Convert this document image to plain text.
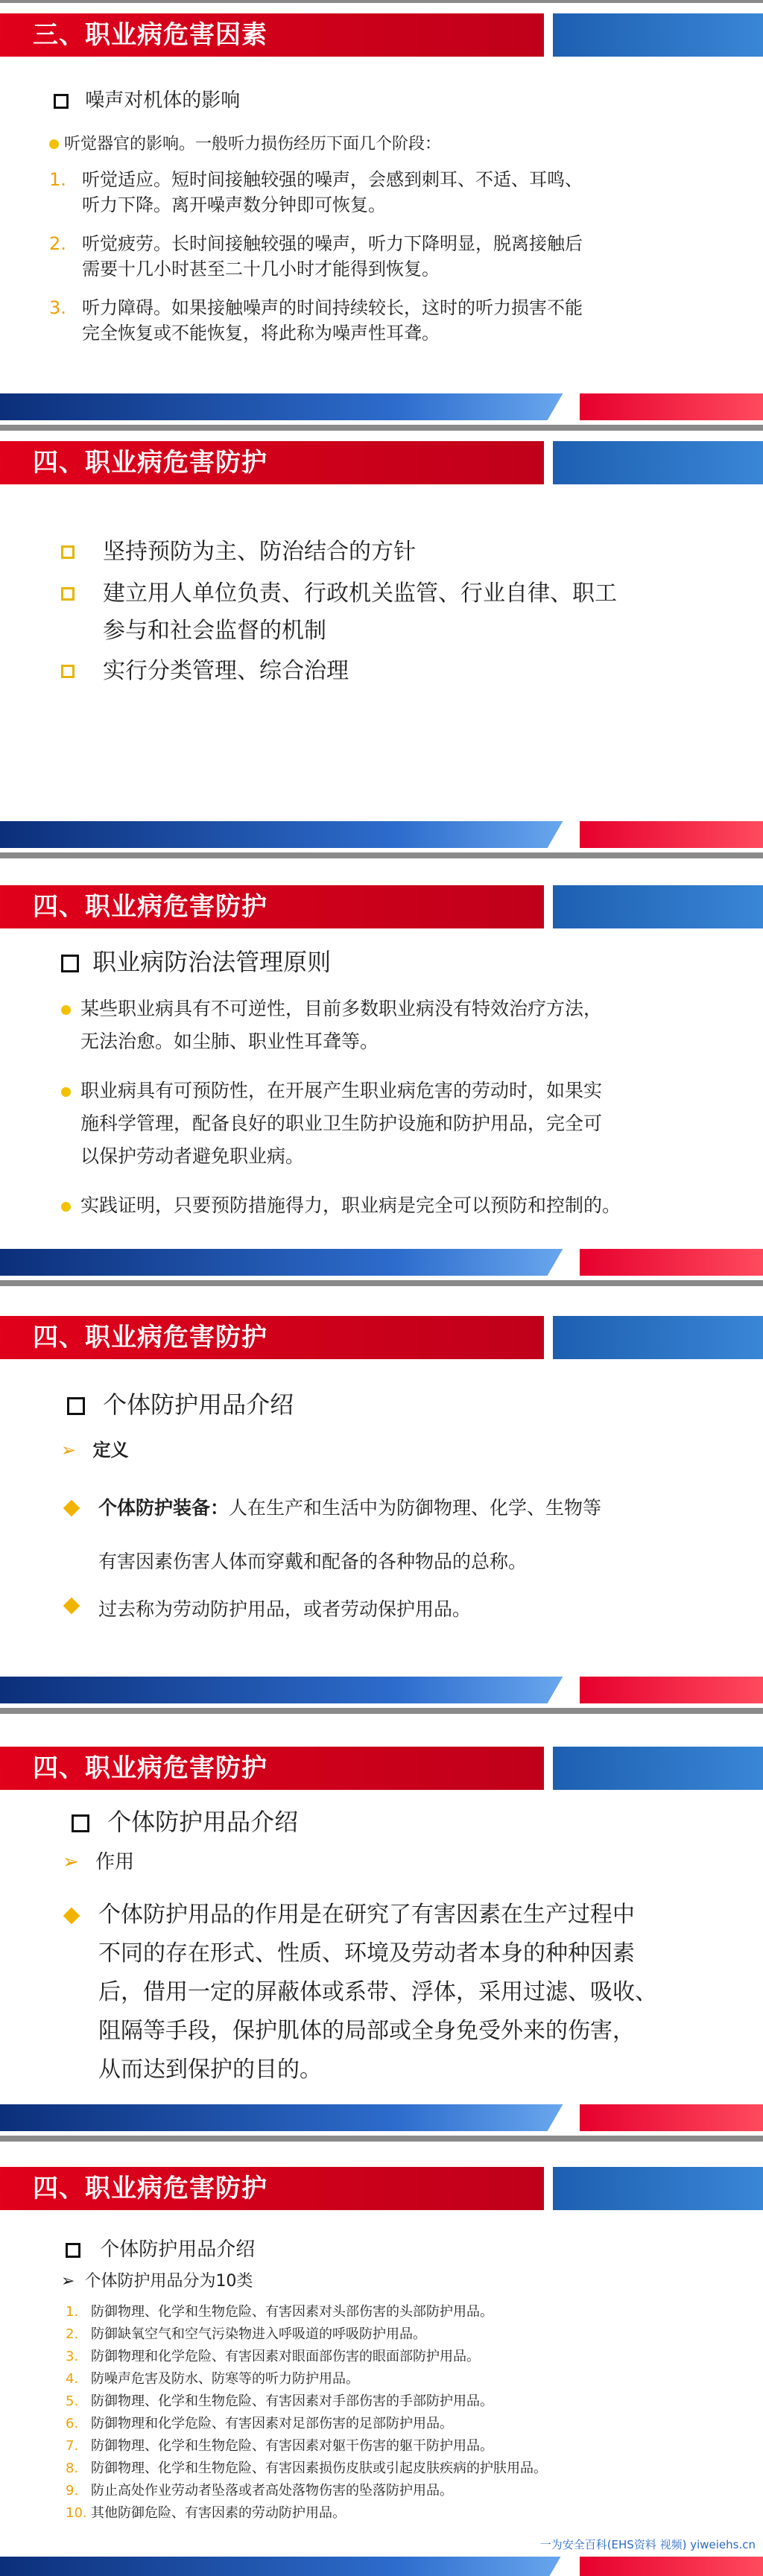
三、职业病危害因素
噪声对机体的影响
听觉器官的影响。一般听力损伤经历下面几个阶段：
1. 听觉适应。短时间接触较强的噪声，会感到刺耳、不适、耳鸣、

听力下降。离开噪声数分钟即可恢复。
2. 听觉疲劳。长时间接触较强的噪声，听力下降明显，脱离接触后

需要十几小时甚至二十几小时才能得到恢复。
3. 听力障碍。如果接触噪声的时间持续较长，这时的听力损害不能

完全恢复或不能恢复，将此称为噪声性耳聋。
四、职业病危害防护
坚持预防为主、防治结合的方针
建立用人单位负责、行政机关监管、行业自律、职工

参与和社会监督的机制
实行分类管理、综合治理
四、职业病危害防护
职业病防治法管理原则
某些职业病具有不可逆性，目前多数职业病没有特效治疗方法，

无法治愈。如尘肺、职业性耳聋等。
职业病具有可预防性，在开展产生职业病危害的劳动时，如果实

施科学管理，配备良好的职业卫生防护设施和防护用品，完全可

以保护劳动者避免职业病。
实践证明，只要预防措施得力，职业病是完全可以预防和控制的。
四、职业病危害防护
个体防护用品介绍
➢ 定义
个体防护装备：人在生产和生活中为防御物理、化学、生物等

有害因素伤害人体而穿戴和配备的各种物品的总称。
过去称为劳动防护用品，或者劳动保护用品。
四、职业病危害防护
个体防护用品介绍
➢ 作用
个体防护用品的作用是在研究了有害因素在生产过程中
不同的存在形式、性质、环境及劳动者本身的种种因素
后，借用一定的屏蔽体或系带、浮体，采用过滤、吸收、
阻隔等手段，保护肌体的局部或全身免受外来的伤害，
从而达到保护的目的。
四、职业病危害防护
个体防护用品介绍
➢ 个体防护用品分为10类
1. 防御物理、化学和生物危险、有害因素对头部伤害的头部防护用品。
2. 防御缺氧空气和空气污染物进入呼吸道的呼吸防护用品。
3. 防御物理和化学危险、有害因素对眼面部伤害的眼面部防护用品。
4. 防噪声危害及防水、防寒等的听力防护用品。
5. 防御物理、化学和生物危险、有害因素对手部伤害的手部防护用品。
6. 防御物理和化学危险、有害因素对足部伤害的足部防护用品。
7. 防御物理、化学和生物危险、有害因素对躯干伤害的躯干防护用品。
8. 防御物理、化学和生物危险、有害因素损伤皮肤或引起皮肤疾病的护肤用品。
9. 防止高处作业劳动者坠落或者高处落物伤害的坠落防护用品。
10. 其他防御危险、有害因素的劳动防护用品。
一为安全百科(EHS资料 视频) yiweiehs.cn
